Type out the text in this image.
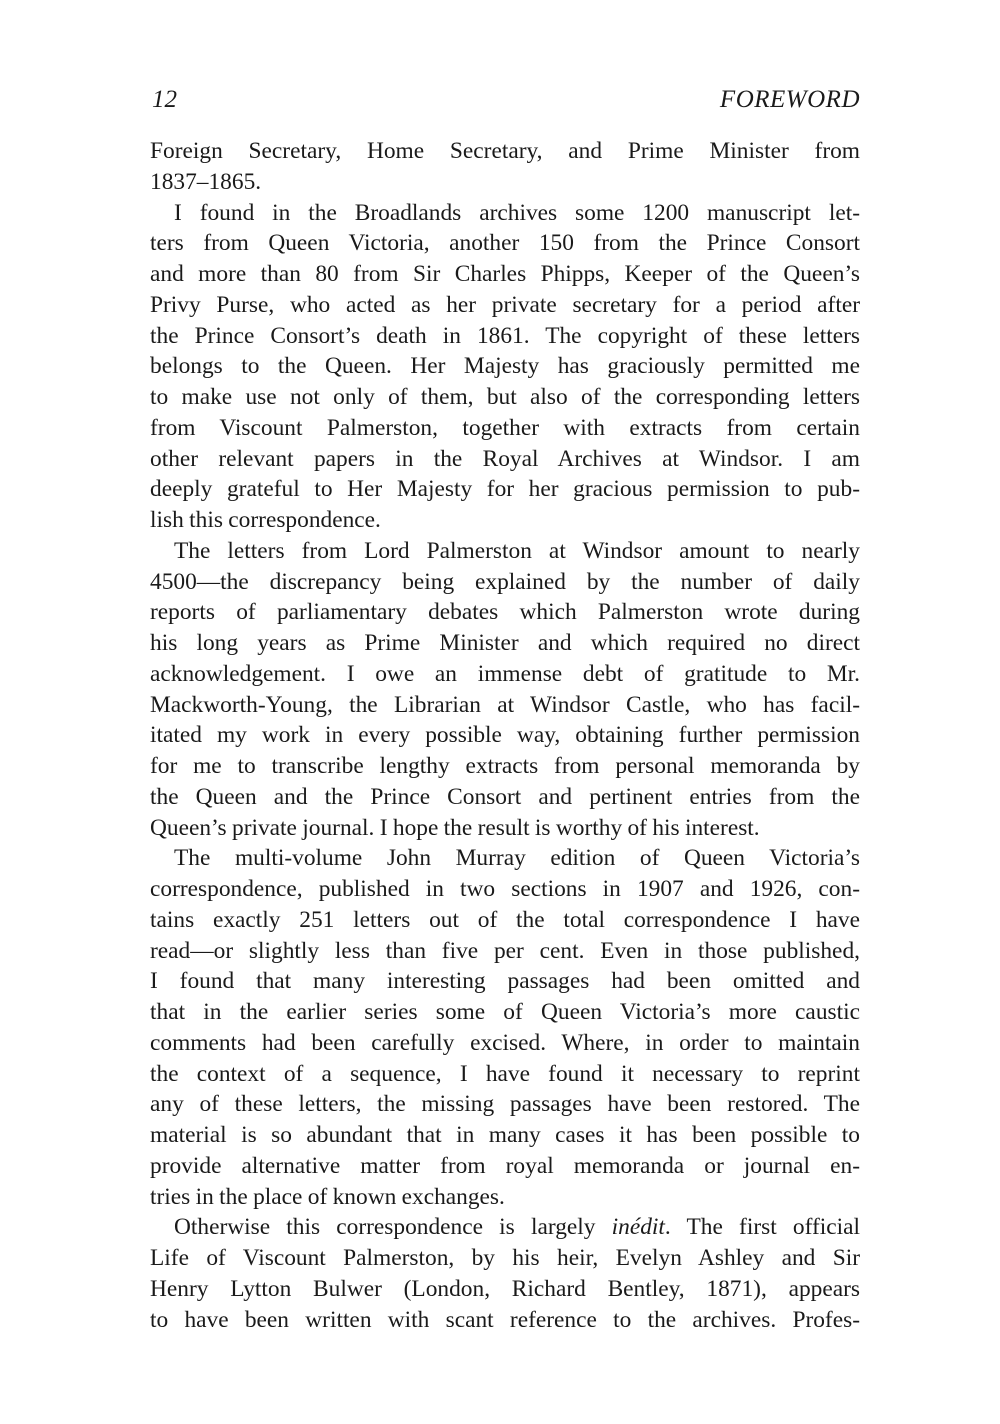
12	FOREWORD
Foreign Secretary, Home Secretary, and Prime Minister from
1837–1865.
I found in the Broadlands archives some 1200 manuscript let-
ters from Queen Victoria, another 150 from the Prince Consort
and more than 80 from Sir Charles Phipps, Keeper of the Queen’s
Privy Purse, who acted as her private secretary for a period after
the Prince Consort’s death in 1861. The copyright of these letters
belongs to the Queen. Her Majesty has graciously permitted me
to make use not only of them, but also of the corresponding letters
from Viscount Palmerston, together with extracts from certain
other relevant papers in the Royal Archives at Windsor. I am
deeply grateful to Her Majesty for her gracious permission to pub-
lish this correspondence.
The letters from Lord Palmerston at Windsor amount to nearly
4500—the discrepancy being explained by the number of daily
reports of parliamentary debates which Palmerston wrote during
his long years as Prime Minister and which required no direct
acknowledgement. I owe an immense debt of gratitude to Mr.
Mackworth-Young, the Librarian at Windsor Castle, who has facil-
itated my work in every possible way, obtaining further permission
for me to transcribe lengthy extracts from personal memoranda by
the Queen and the Prince Consort and pertinent entries from the
Queen’s private journal. I hope the result is worthy of his interest.
The multi-volume John Murray edition of Queen Victoria’s
correspondence, published in two sections in 1907 and 1926, con-
tains exactly 251 letters out of the total correspondence I have
read—or slightly less than five per cent. Even in those published,
I found that many interesting passages had been omitted and
that in the earlier series some of Queen Victoria’s more caustic
comments had been carefully excised. Where, in order to maintain
the context of a sequence, I have found it necessary to reprint
any of these letters, the missing passages have been restored. The
material is so abundant that in many cases it has been possible to
provide alternative matter from royal memoranda or journal en-
tries in the place of known exchanges.
Otherwise this correspondence is largely inédit. The first official
Life of Viscount Palmerston, by his heir, Evelyn Ashley and Sir
Henry Lytton Bulwer (London, Richard Bentley, 1871), appears
to have been written with scant reference to the archives. Profes-
